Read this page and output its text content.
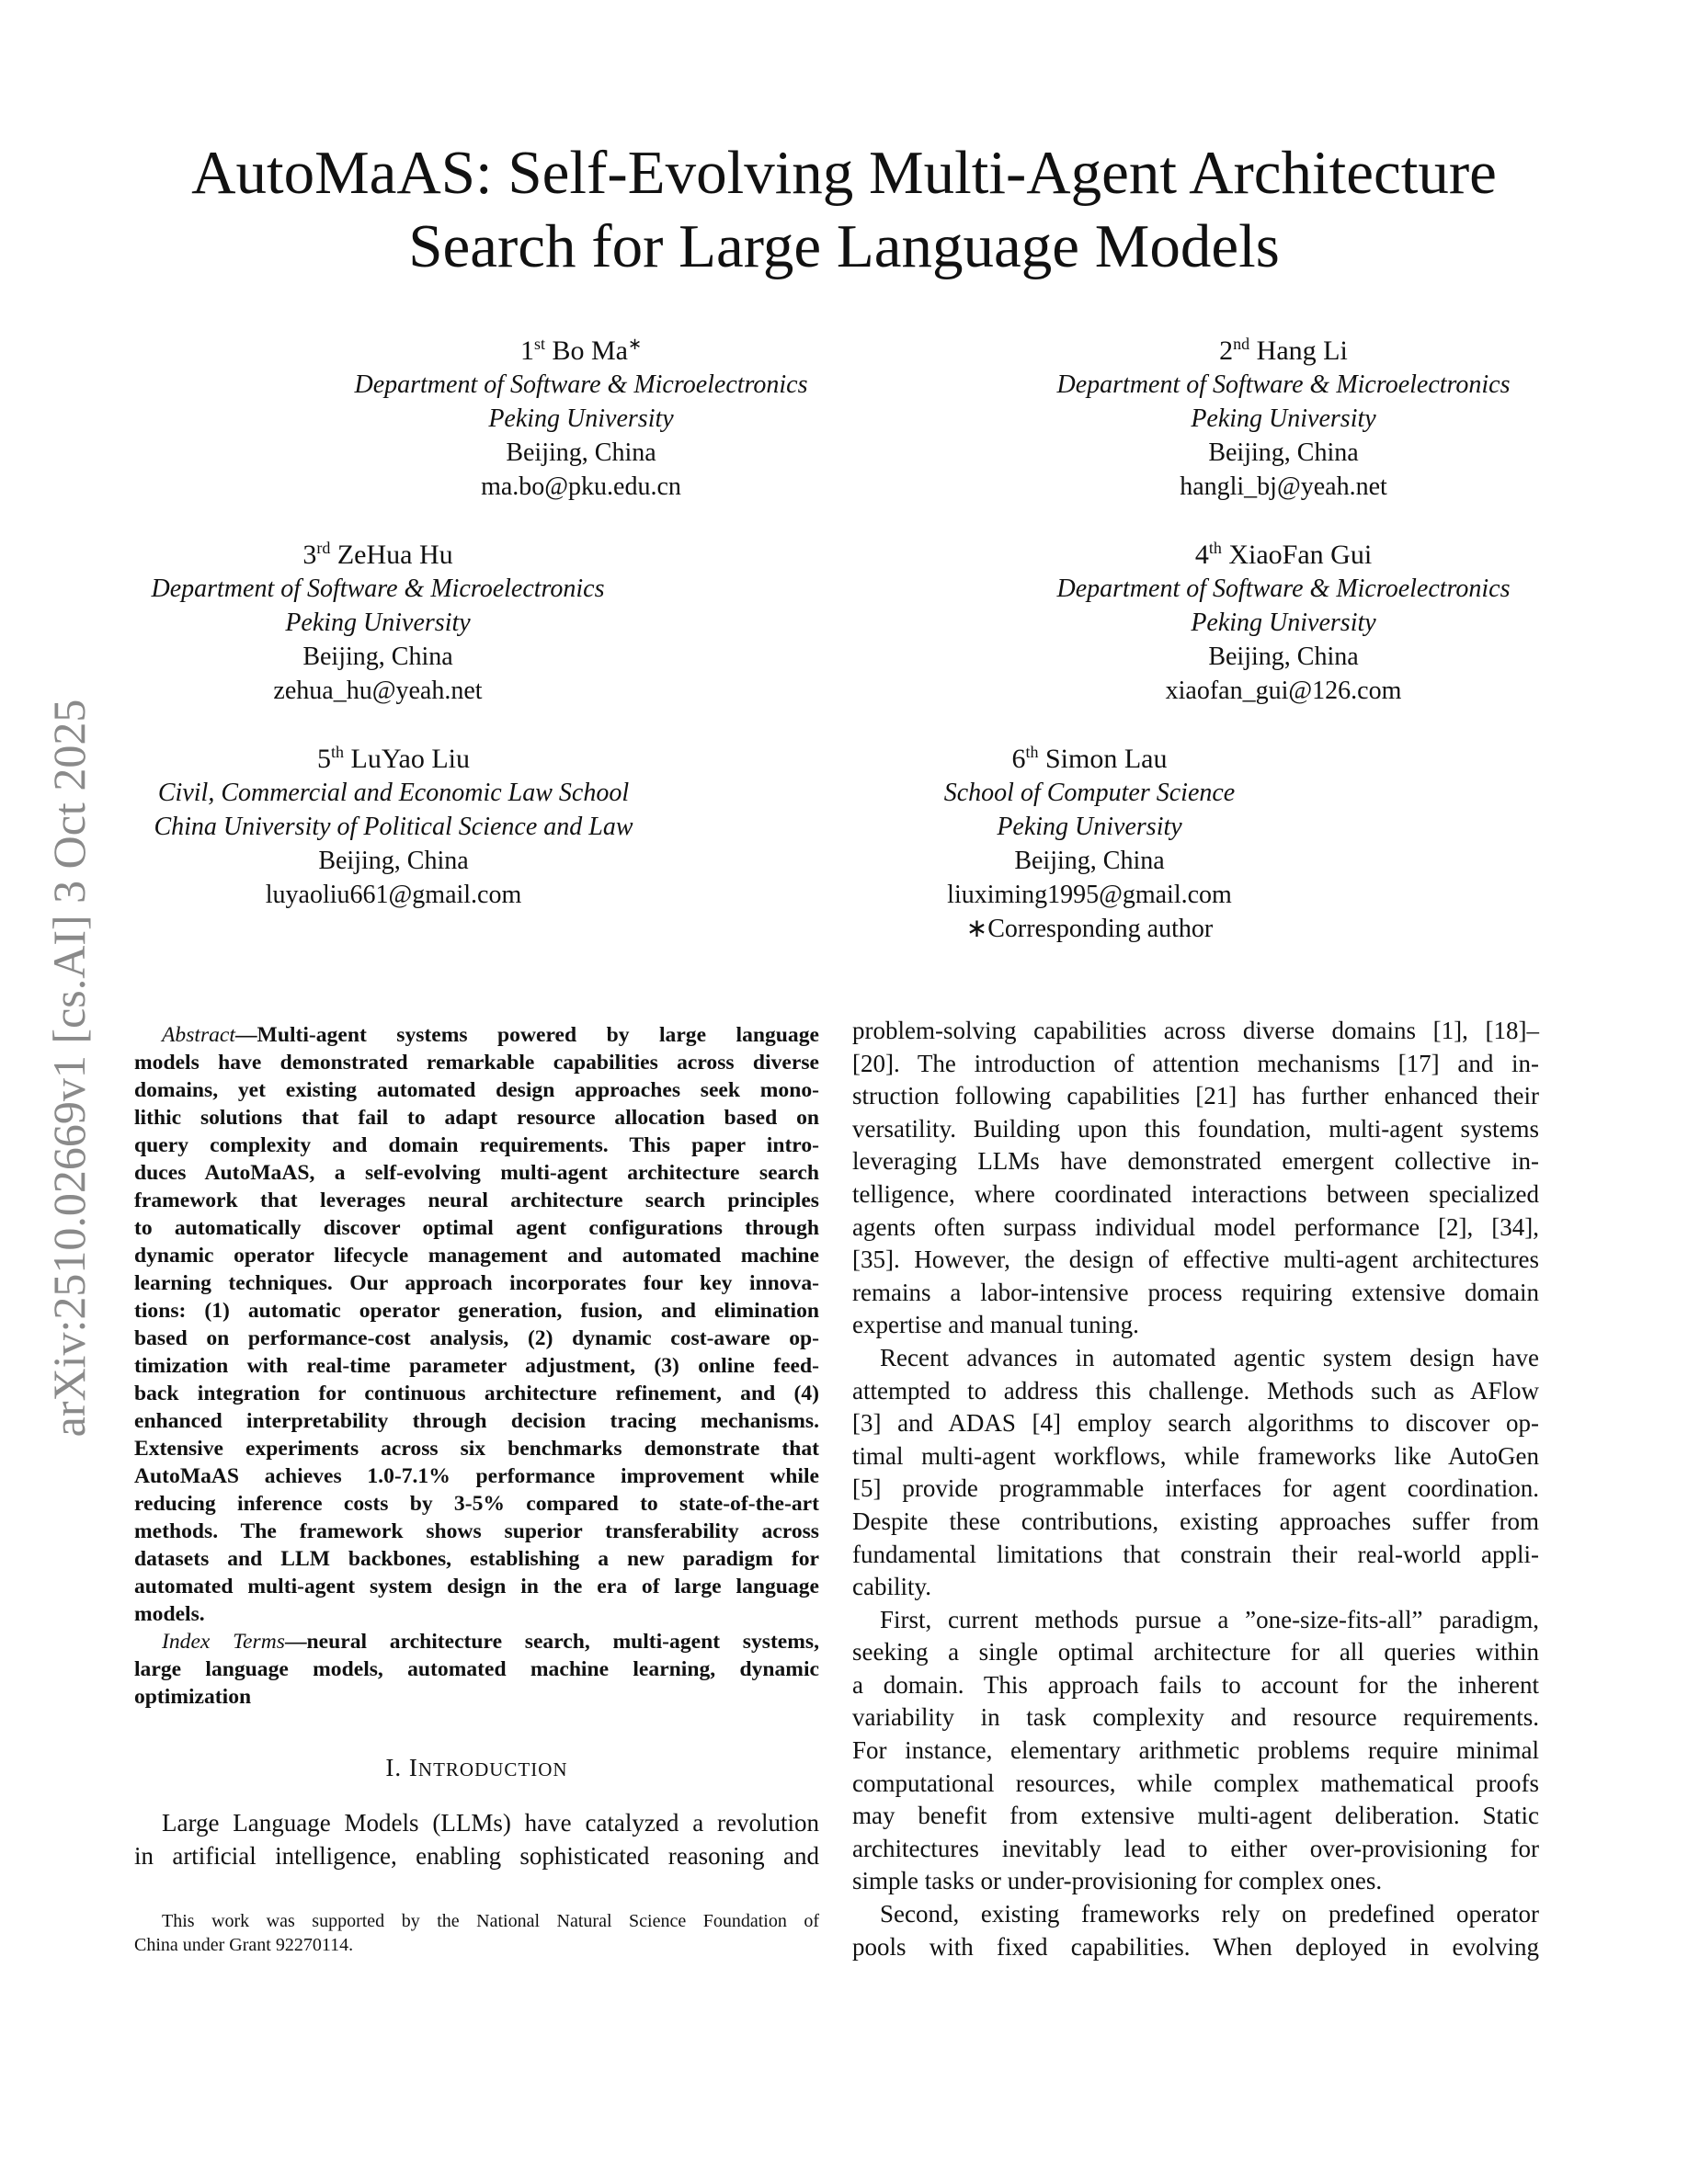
arXiv:2510.02669v1 [cs.AI] 3 Oct 2025
AutoMaAS: Self-Evolving Multi-Agent Architecture
Search for Large Language Models
1st Bo Ma∗
Department of Software & Microelectronics
Peking University
Beijing, China
ma.bo@pku.edu.cn
2nd Hang Li
Department of Software & Microelectronics
Peking University
Beijing, China
hangli_bj@yeah.net
3rd ZeHua Hu
Department of Software & Microelectronics
Peking University
Beijing, China
zehua_hu@yeah.net
4th XiaoFan Gui
Department of Software & Microelectronics
Peking University
Beijing, China
xiaofan_gui@126.com
5th LuYao Liu
Civil, Commercial and Economic Law School
China University of Political Science and Law
Beijing, China
luyaoliu661@gmail.com
6th Simon Lau
School of Computer Science
Peking University
Beijing, China
liuximing1995@gmail.com
∗Corresponding author
Abstract—Multi-agent systems powered by large language
models have demonstrated remarkable capabilities across diverse
domains, yet existing automated design approaches seek mono-
lithic solutions that fail to adapt resource allocation based on
query complexity and domain requirements. This paper intro-
duces AutoMaAS, a self-evolving multi-agent architecture search
framework that leverages neural architecture search principles
to automatically discover optimal agent configurations through
dynamic operator lifecycle management and automated machine
learning techniques. Our approach incorporates four key innova-
tions: (1) automatic operator generation, fusion, and elimination
based on performance-cost analysis, (2) dynamic cost-aware op-
timization with real-time parameter adjustment, (3) online feed-
back integration for continuous architecture refinement, and (4)
enhanced interpretability through decision tracing mechanisms.
Extensive experiments across six benchmarks demonstrate that
AutoMaAS achieves 1.0-7.1% performance improvement while
reducing inference costs by 3-5% compared to state-of-the-art
methods. The framework shows superior transferability across
datasets and LLM backbones, establishing a new paradigm for
automated multi-agent system design in the era of large language
models.
Index Terms—neural architecture search, multi-agent systems,
large language models, automated machine learning, dynamic
optimization
I. INTRODUCTION
Large Language Models (LLMs) have catalyzed a revolution
in artificial intelligence, enabling sophisticated reasoning and
This work was supported by the National Natural Science Foundation of
China under Grant 92270114.
problem-solving capabilities across diverse domains [1], [18]–
[20]. The introduction of attention mechanisms [17] and in-
struction following capabilities [21] has further enhanced their
versatility. Building upon this foundation, multi-agent systems
leveraging LLMs have demonstrated emergent collective in-
telligence, where coordinated interactions between specialized
agents often surpass individual model performance [2], [34],
[35]. However, the design of effective multi-agent architectures
remains a labor-intensive process requiring extensive domain
expertise and manual tuning.
Recent advances in automated agentic system design have
attempted to address this challenge. Methods such as AFlow
[3] and ADAS [4] employ search algorithms to discover op-
timal multi-agent workflows, while frameworks like AutoGen
[5] provide programmable interfaces for agent coordination.
Despite these contributions, existing approaches suffer from
fundamental limitations that constrain their real-world appli-
cability.
First, current methods pursue a ”one-size-fits-all” paradigm,
seeking a single optimal architecture for all queries within
a domain. This approach fails to account for the inherent
variability in task complexity and resource requirements.
For instance, elementary arithmetic problems require minimal
computational resources, while complex mathematical proofs
may benefit from extensive multi-agent deliberation. Static
architectures inevitably lead to either over-provisioning for
simple tasks or under-provisioning for complex ones.
Second, existing frameworks rely on predefined operator
pools with fixed capabilities. When deployed in evolving
